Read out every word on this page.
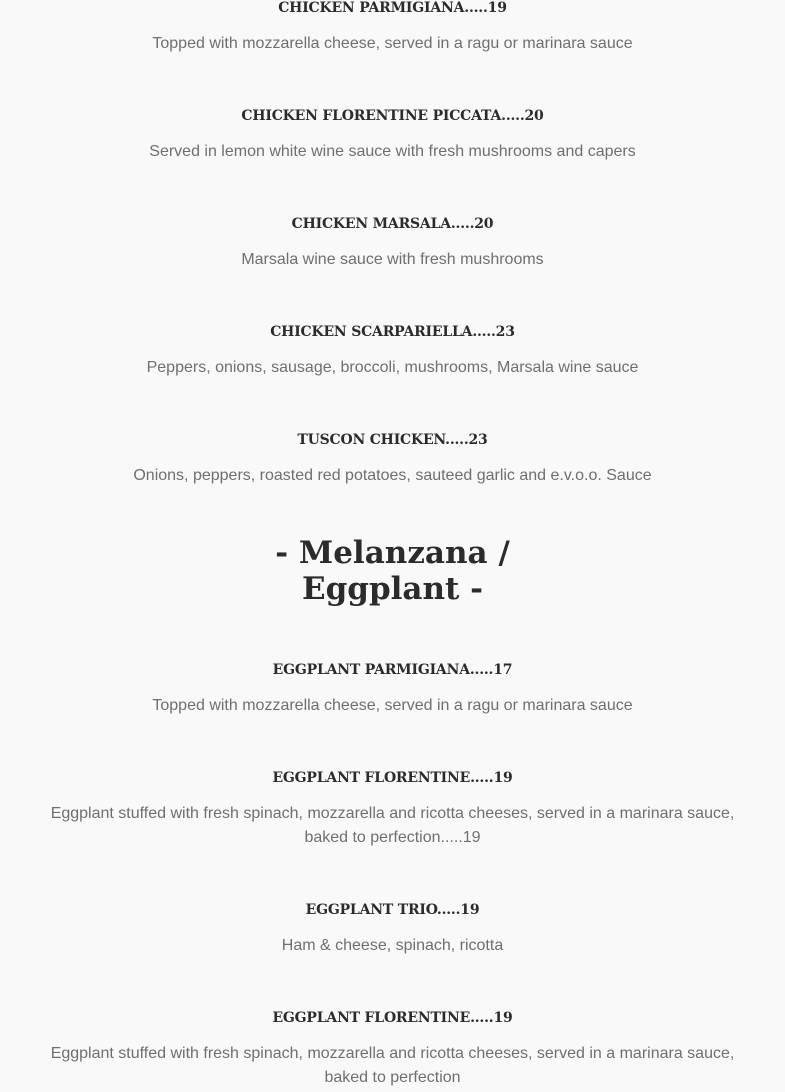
CHICKEN PARMIGIANA.....19

Topped with mozzarella cheese, served in a ragu or marinara sauce

CHICKEN FLORENTINE PICCATA.....20

Served in lemon white wine sauce with fresh mushrooms and capers

CHICKEN MARSALA.....20

Marsala wine sauce with fresh mushrooms

CHICKEN SCARPARIELLA.....23

Peppers, onions, sausage, broccoli, mushrooms, Marsala wine sauce

TUSCON CHICKEN.....23

Onions, peppers, roasted red potatoes, sauteed garlic and e.v.o.o. Sauce

- Melanzana /
Eggplant -

EGGPLANT PARMIGIANA.....17

Topped with mozzarella cheese, served in a ragu or marinara sauce

EGGPLANT FLORENTINE.....19

Eggplant stuffed with fresh spinach, mozzarella and ricotta cheeses, served in a marinara sauce, baked to perfection.....19

EGGPLANT TRIO.....19

Ham & cheese, spinach, ricotta

EGGPLANT FLORENTINE.....19

Eggplant stuffed with fresh spinach, mozzarella and ricotta cheeses, served in a marinara sauce, baked to perfection
